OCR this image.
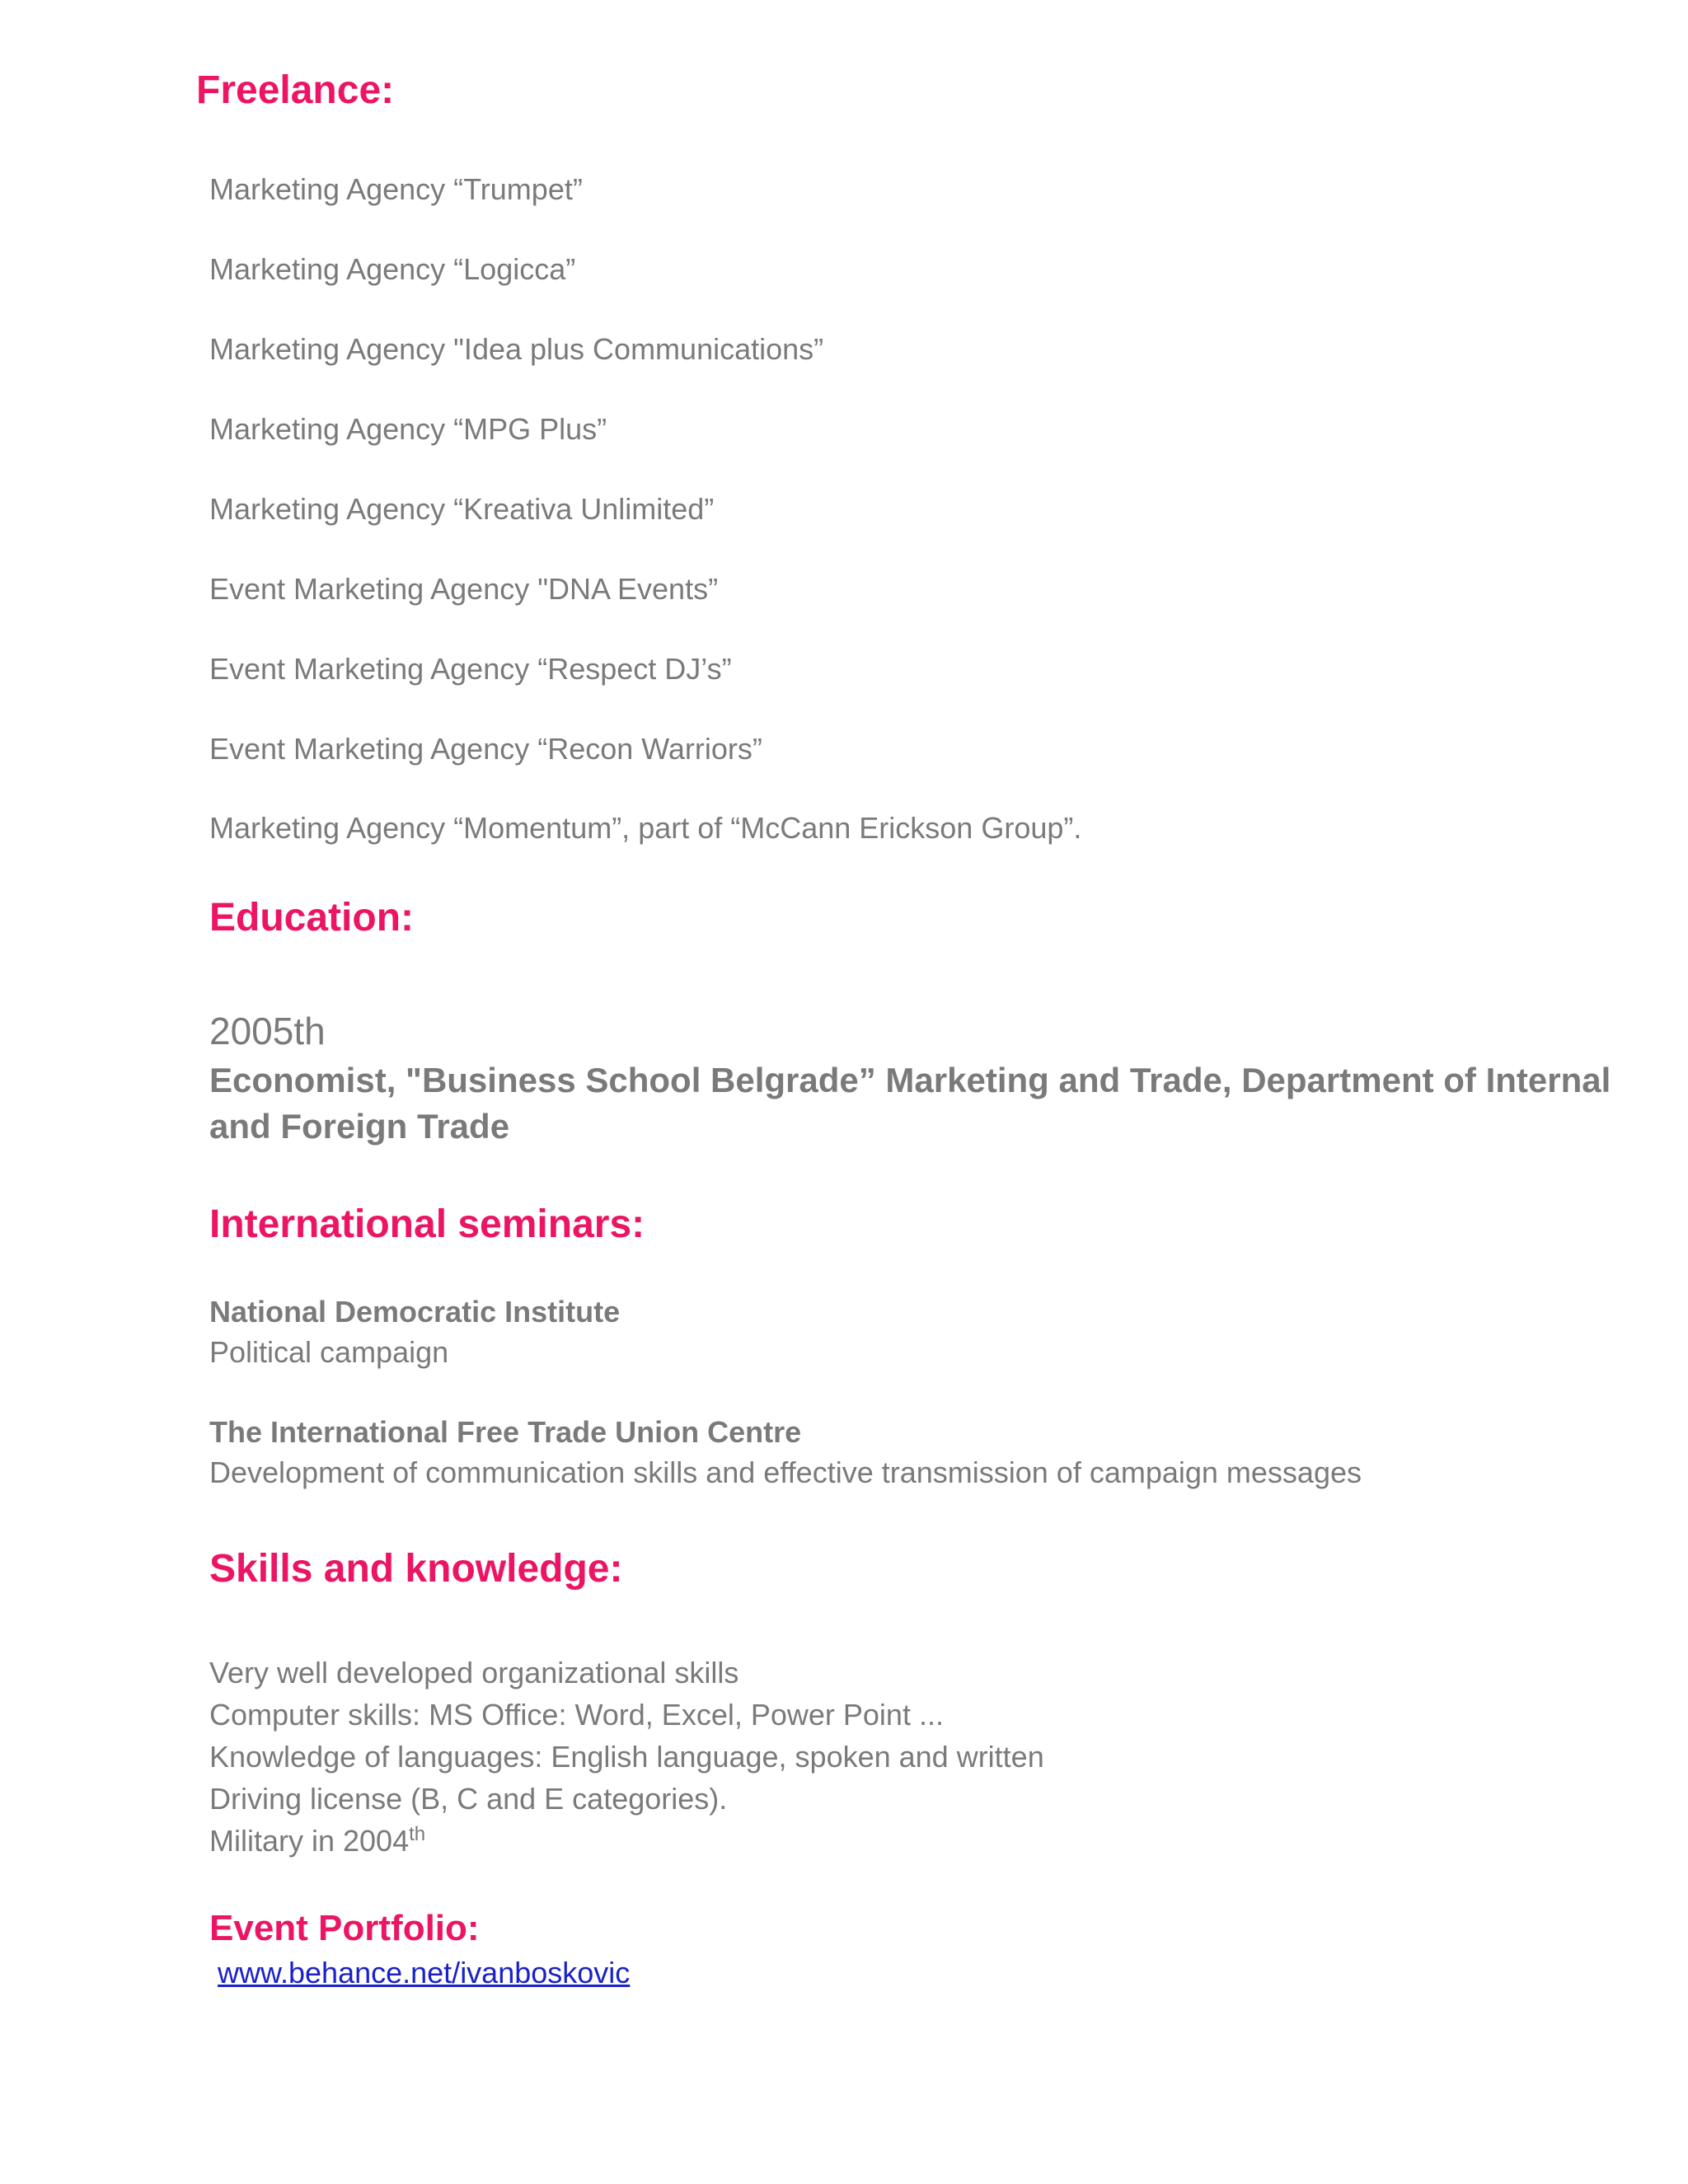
Freelance:

Marketing Agency “Trumpet”

Marketing Agency “Logicca”

Marketing Agency "Idea plus Communications”

Marketing Agency “MPG Plus”

Marketing Agency “Kreativa Unlimited”

Event Marketing Agency "DNA Events”

Event Marketing Agency “Respect DJ’s”

Event Marketing Agency “Recon Warriors”

Marketing Agency “Momentum”, part of “McCann Erickson Group”.

Education:
2005th
Economist, "Business School Belgrade” Marketing and Trade, Department of Internal and Foreign Trade
International seminars:

National Democratic Institute

Political campaign

The International Free Trade Union Centre

Development of communication skills and effective transmission of campaign messages

Skills and knowledge:

Very well developed organizational skills

Computer skills: MS Office: Word, Excel, Power Point ...

Knowledge of languages: English language, spoken and written

Driving license (B, C and E categories).

Military in 2004th

Event Portfolio:
www.behance.net/ivanboskovic
